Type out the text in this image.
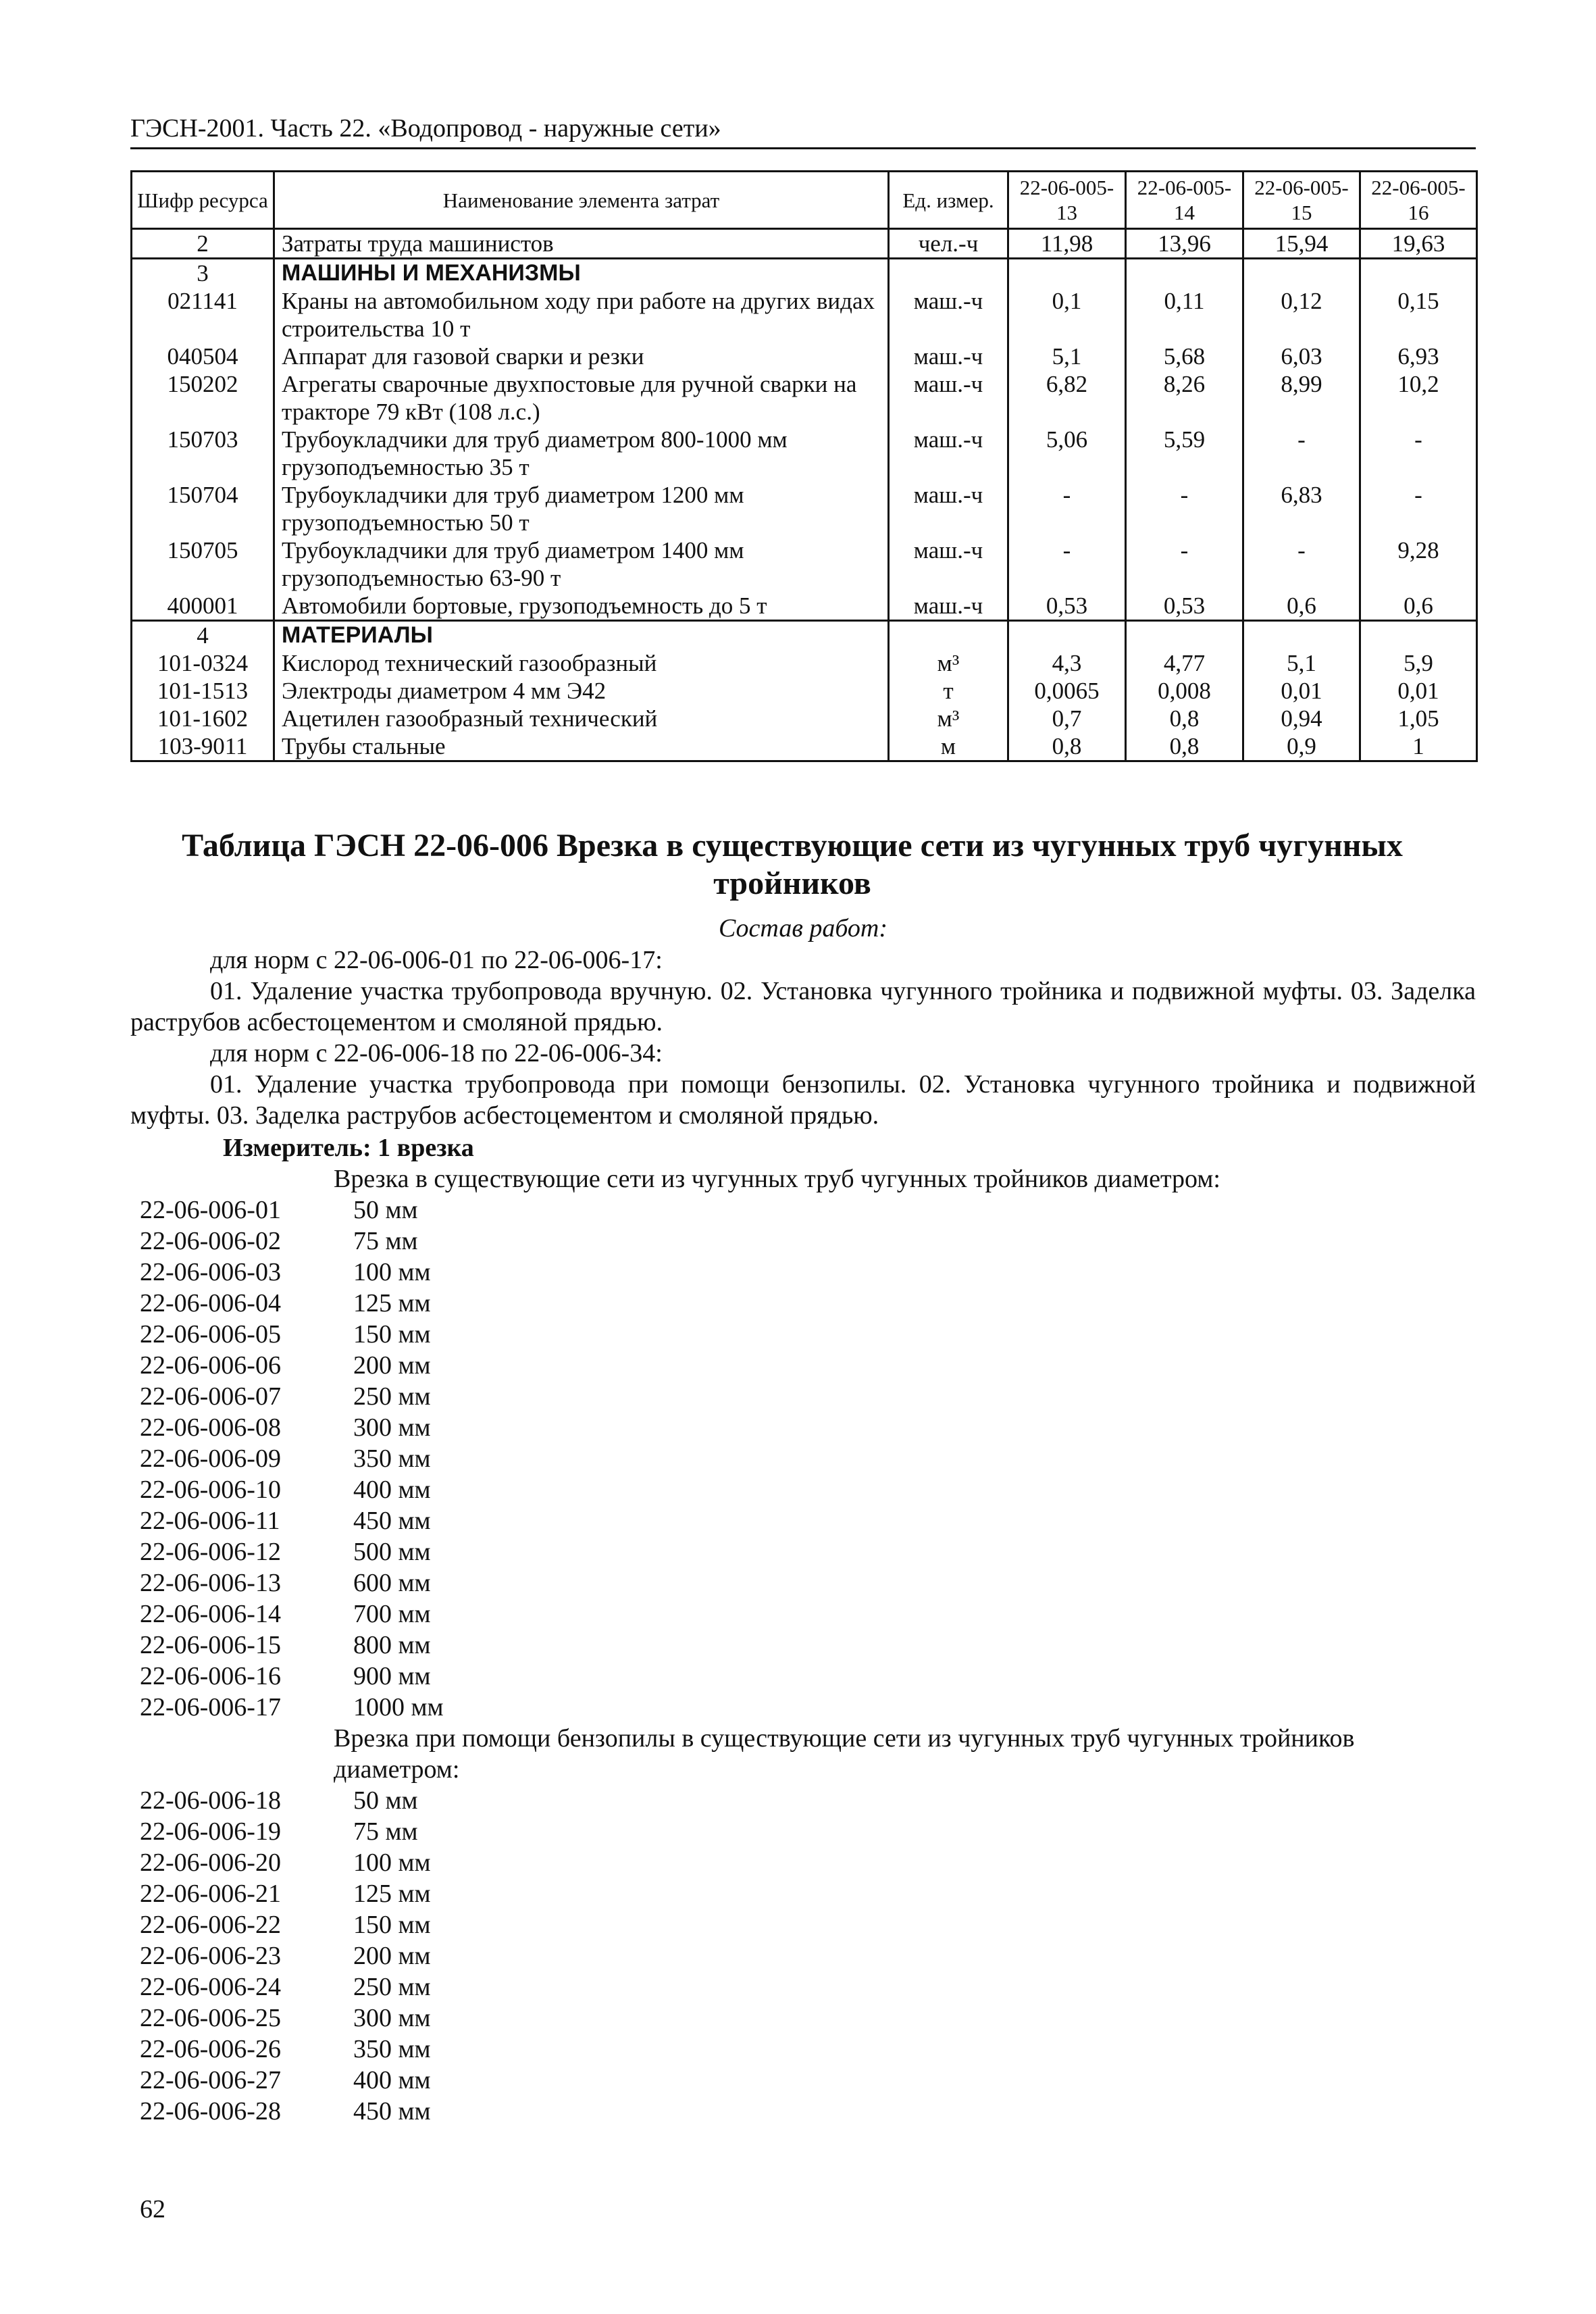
ГЭСН-2001. Часть 22. «Водопровод - наружные сети»
Шифр ресурса	Наименование элемента затрат	Ед. измер.	22-06-005-13	22-06-005-14	22-06-005-15	22-06-005-16
2	Затраты труда машинистов	чел.-ч	11,98	13,96	15,94	19,63
3	МАШИНЫ И МЕХАНИЗМЫ					
021141	Краны на автомобильном ходу при работе на других видах строительства 10 т	маш.-ч	0,1	0,11	0,12	0,15
040504	Аппарат для газовой сварки и резки	маш.-ч	5,1	5,68	6,03	6,93
150202	Агрегаты сварочные двухпостовые для ручной сварки на тракторе 79 кВт (108 л.с.)	маш.-ч	6,82	8,26	8,99	10,2
150703	Трубоукладчики для труб диаметром 800-1000 мм грузоподъемностью 35 т	маш.-ч	5,06	5,59	-	-
150704	Трубоукладчики для труб диаметром 1200 мм грузоподъемностью 50 т	маш.-ч	-	-	6,83	-
150705	Трубоукладчики для труб диаметром 1400 мм грузоподъемностью 63-90 т	маш.-ч	-	-	-	9,28
400001	Автомобили бортовые, грузоподъемность до 5 т	маш.-ч	0,53	0,53	0,6	0,6
4	МАТЕРИАЛЫ					
101-0324	Кислород технический газообразный	м³	4,3	4,77	5,1	5,9
101-1513	Электроды диаметром 4 мм Э42	т	0,0065	0,008	0,01	0,01
101-1602	Ацетилен газообразный технический	м³	0,7	0,8	0,94	1,05
103-9011	Трубы стальные	м	0,8	0,8	0,9	1
Таблица ГЭСН 22-06-006 Врезка в существующие сети из чугунных труб чугунных
тройников
Состав работ:
для норм с 22-06-006-01 по 22-06-006-17:
01. Удаление участка трубопровода вручную. 02. Установка чугунного тройника и подвижной муфты. 03. Заделка раструбов асбестоцементом и смоляной прядью.
для норм с 22-06-006-18 по 22-06-006-34:
01. Удаление участка трубопровода при помощи бензопилы. 02. Установка чугунного тройника и подвижной муфты. 03. Заделка раструбов асбестоцементом и смоляной прядью.
Измеритель: 1 врезка
Врезка в существующие сети из чугунных труб чугунных тройников диаметром:
22-06-006-01	50 мм
22-06-006-02	75 мм
22-06-006-03	100 мм
22-06-006-04	125 мм
22-06-006-05	150 мм
22-06-006-06	200 мм
22-06-006-07	250 мм
22-06-006-08	300 мм
22-06-006-09	350 мм
22-06-006-10	400 мм
22-06-006-11	450 мм
22-06-006-12	500 мм
22-06-006-13	600 мм
22-06-006-14	700 мм
22-06-006-15	800 мм
22-06-006-16	900 мм
22-06-006-17	1000 мм
Врезка при помощи бензопилы в существующие сети из чугунных труб чугунных тройников диаметром:
22-06-006-18	50 мм
22-06-006-19	75 мм
22-06-006-20	100 мм
22-06-006-21	125 мм
22-06-006-22	150 мм
22-06-006-23	200 мм
22-06-006-24	250 мм
22-06-006-25	300 мм
22-06-006-26	350 мм
22-06-006-27	400 мм
22-06-006-28	450 мм
62
